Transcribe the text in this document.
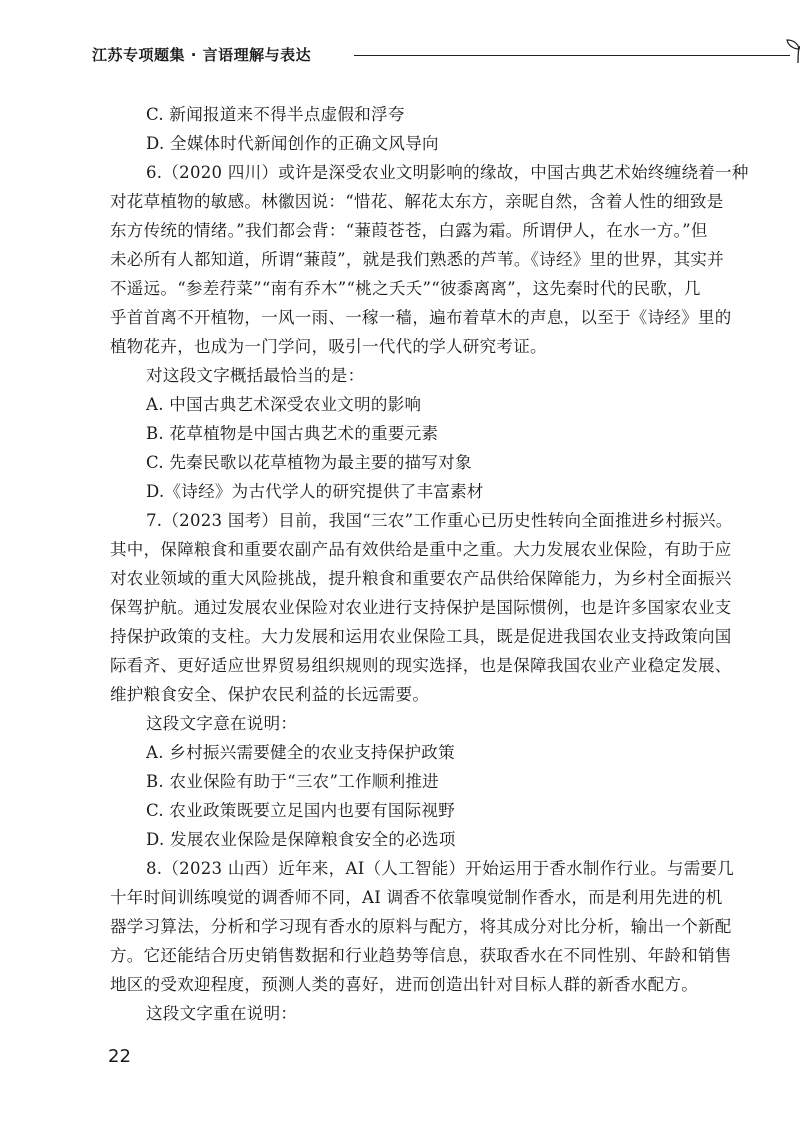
江苏专项题集 · 言语理解与表达
C. 新闻报道来不得半点虚假和浮夸
D. 全媒体时代新闻创作的正确文风导向
6.（2020 四川）或许是深受农业文明影响的缘故，中国古典艺术始终缠绕着一种
对花草植物的敏感。林徽因说：“惜花、解花太东方，亲昵自然，含着人性的细致是
东方传统的情绪。”我们都会背：“蒹葭苍苍，白露为霜。所谓伊人，在水一方。”但
未必所有人都知道，所谓“蒹葭”，就是我们熟悉的芦苇。《诗经》里的世界，其实并
不遥远。“参差荇菜”“南有乔木”“桃之夭夭”“彼黍离离”，这先秦时代的民歌，几
乎首首离不开植物，一风一雨、一稼一穑，遍布着草木的声息，以至于《诗经》里的
植物花卉，也成为一门学问，吸引一代代的学人研究考证。
对这段文字概括最恰当的是：
A. 中国古典艺术深受农业文明的影响
B. 花草植物是中国古典艺术的重要元素
C. 先秦民歌以花草植物为最主要的描写对象
D.《诗经》为古代学人的研究提供了丰富素材
7.（2023 国考）目前，我国“三农”工作重心已历史性转向全面推进乡村振兴。
其中，保障粮食和重要农副产品有效供给是重中之重。大力发展农业保险，有助于应
对农业领域的重大风险挑战，提升粮食和重要农产品供给保障能力，为乡村全面振兴
保驾护航。通过发展农业保险对农业进行支持保护是国际惯例，也是许多国家农业支
持保护政策的支柱。大力发展和运用农业保险工具，既是促进我国农业支持政策向国
际看齐、更好适应世界贸易组织规则的现实选择，也是保障我国农业产业稳定发展、
维护粮食安全、保护农民利益的长远需要。
这段文字意在说明：
A. 乡村振兴需要健全的农业支持保护政策
B. 农业保险有助于“三农”工作顺利推进
C. 农业政策既要立足国内也要有国际视野
D. 发展农业保险是保障粮食安全的必选项
8.（2023 山西）近年来，AI（人工智能）开始运用于香水制作行业。与需要几
十年时间训练嗅觉的调香师不同，AI 调香不依靠嗅觉制作香水，而是利用先进的机
器学习算法，分析和学习现有香水的原料与配方，将其成分对比分析，输出一个新配
方。它还能结合历史销售数据和行业趋势等信息，获取香水在不同性别、年龄和销售
地区的受欢迎程度，预测人类的喜好，进而创造出针对目标人群的新香水配方。
这段文字重在说明：
22
